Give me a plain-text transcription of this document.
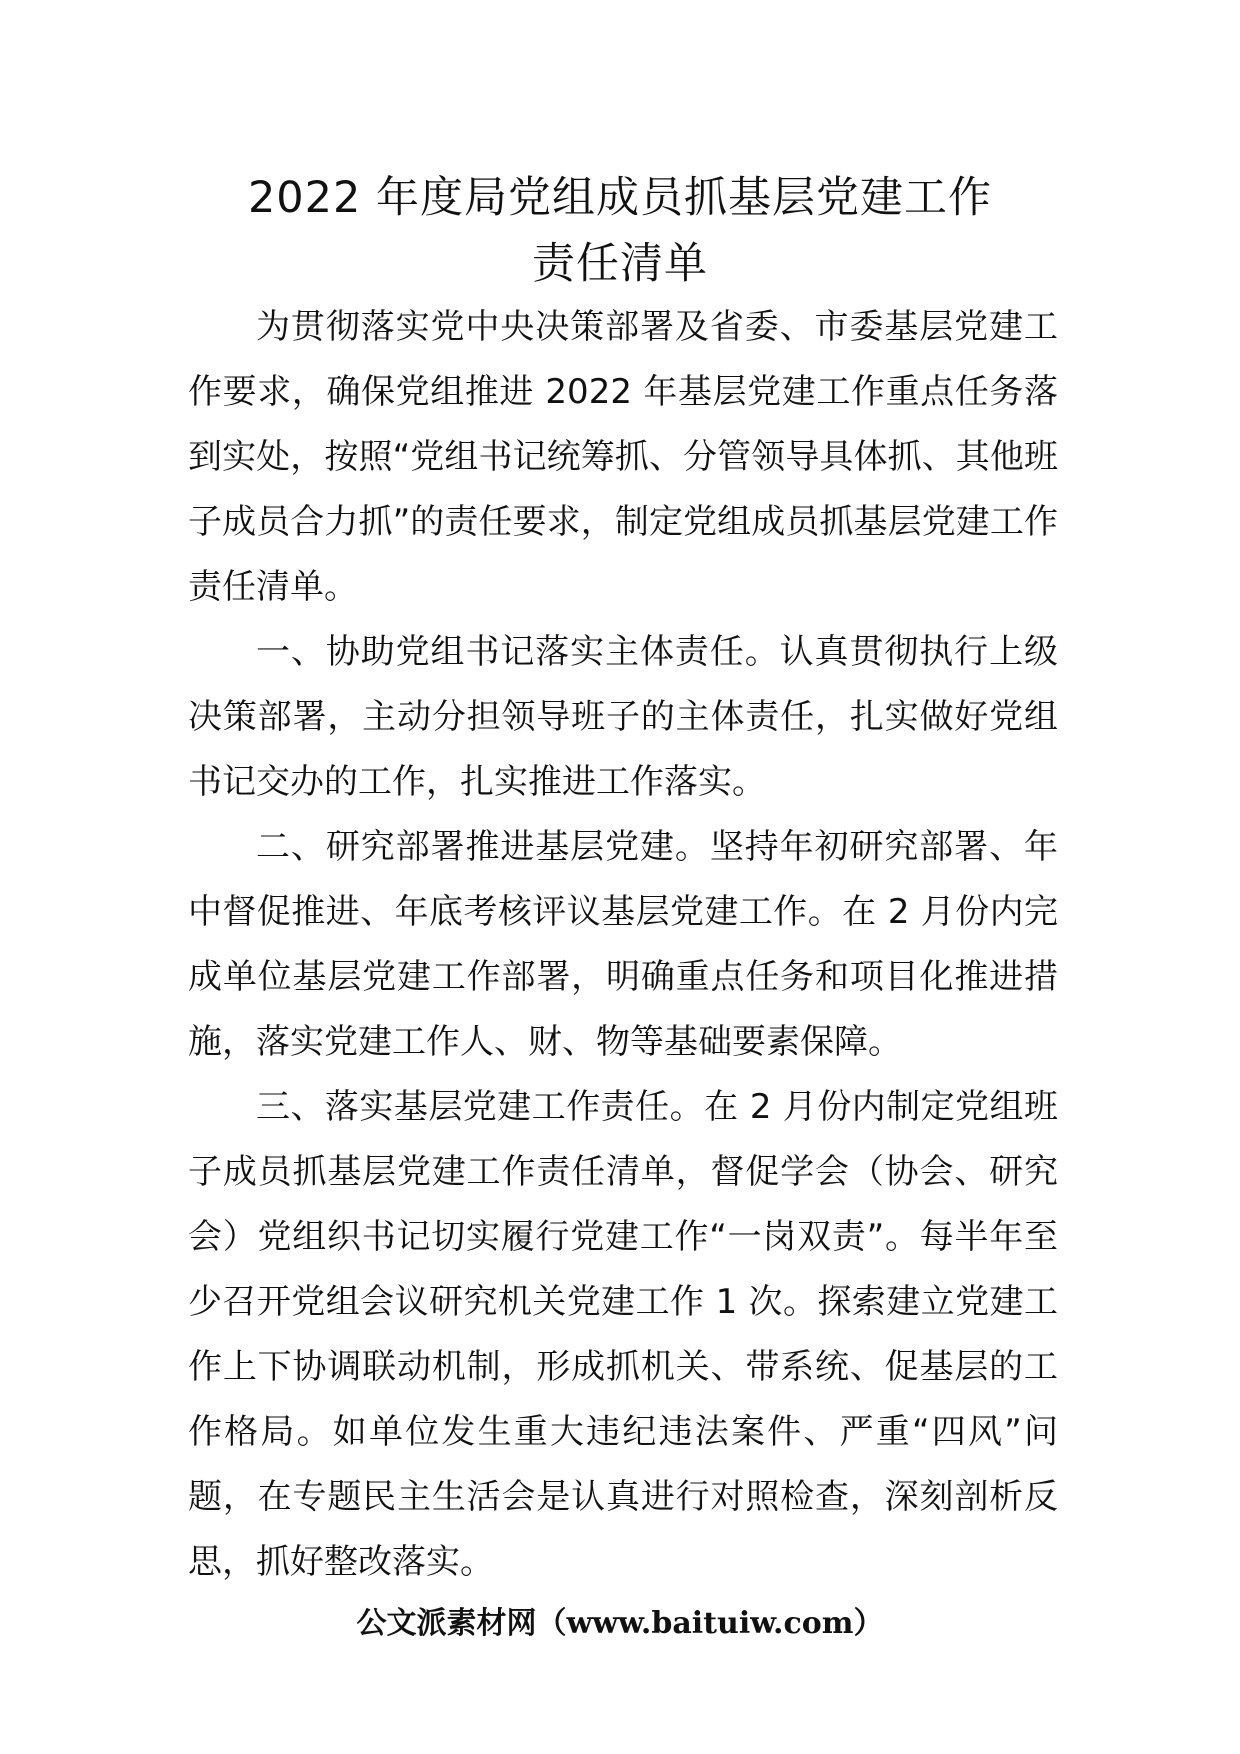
2022 年度局党组成员抓基层党建工作
责任清单

为贯彻落实党中央决策部署及省委、市委基层党建工作要求，确保党组推进 2022 年基层党建工作重点任务落到实处，按照“党组书记统筹抓、分管领导具体抓、其他班子成员合力抓”的责任要求，制定党组成员抓基层党建工作责任清单。

一、协助党组书记落实主体责任。认真贯彻执行上级决策部署，主动分担领导班子的主体责任，扎实做好党组书记交办的工作，扎实推进工作落实。

二、研究部署推进基层党建。坚持年初研究部署、年中督促推进、年底考核评议基层党建工作。在 2 月份内完成单位基层党建工作部署，明确重点任务和项目化推进措施，落实党建工作人、财、物等基础要素保障。

三、落实基层党建工作责任。在 2 月份内制定党组班子成员抓基层党建工作责任清单，督促学会（协会、研究会）党组织书记切实履行党建工作“一岗双责”。每半年至少召开党组会议研究机关党建工作 1 次。探索建立党建工作上下协调联动机制，形成抓机关、带系统、促基层的工作格局。如单位发生重大违纪违法案件、严重“四风”问题，在专题民主生活会是认真进行对照检查，深刻剖析反思，抓好整改落实。

公文派素材网（www.baituiw.com）
